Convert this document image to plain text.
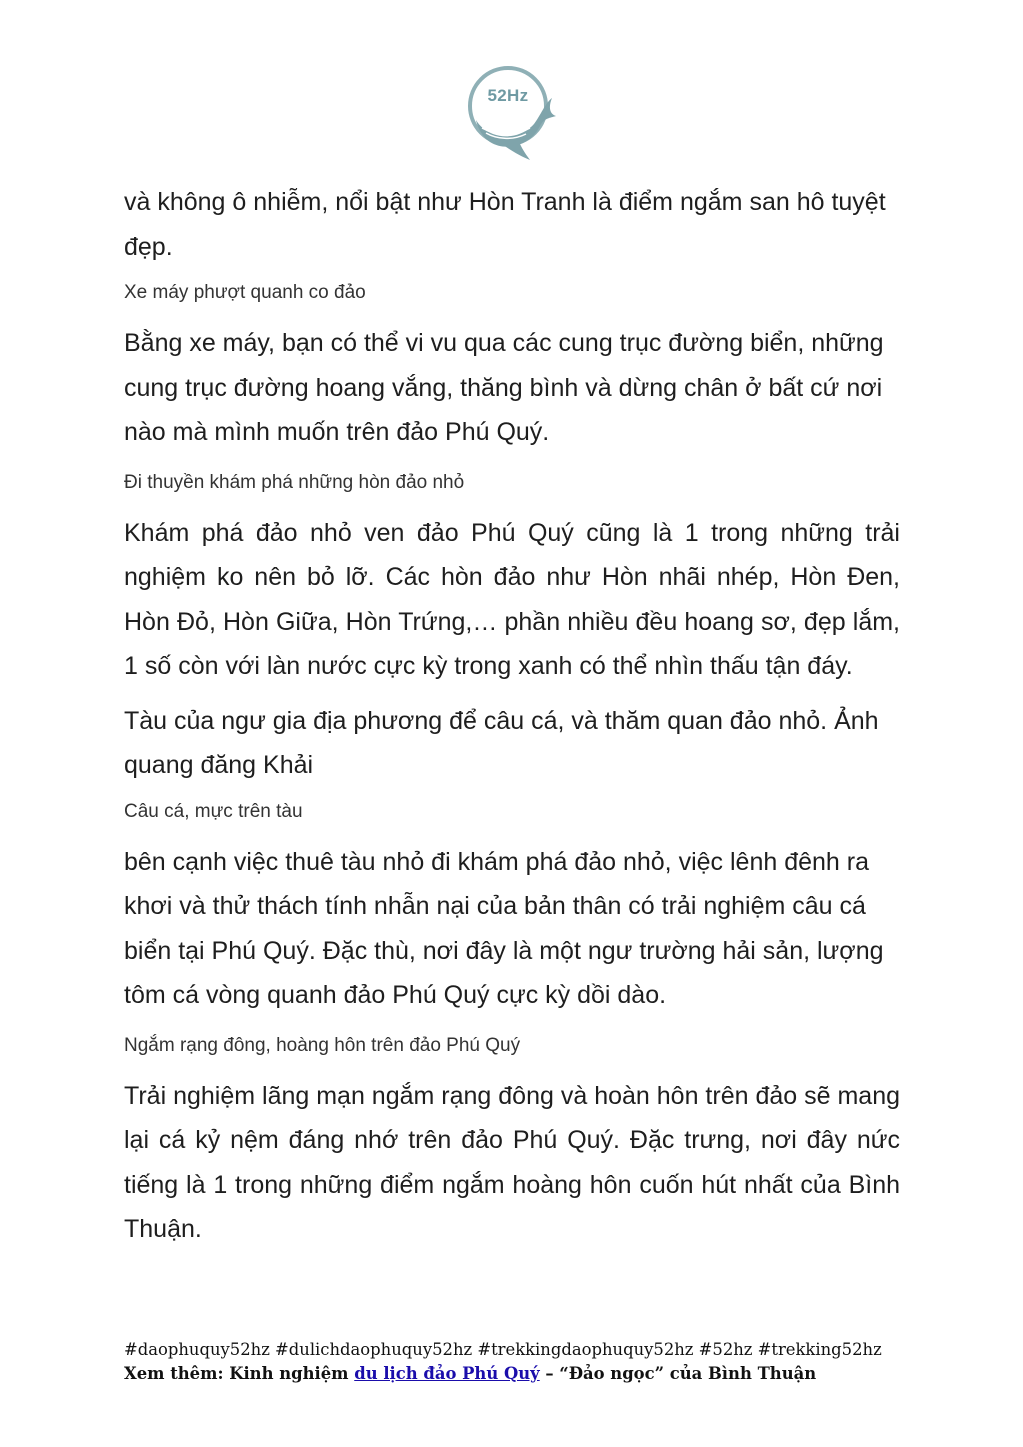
52Hz

và không ô nhiễm, nổi bật như Hòn Tranh là điểm ngắm san hô tuyệt đẹp.

Xe máy phượt quanh co đảo

Bằng xe máy, bạn có thể vi vu qua các cung trục đường biển, những cung trục đường hoang vắng, thăng bình và dừng chân ở bất cứ nơi nào mà mình muốn trên đảo Phú Quý.

Đi thuyền khám phá những hòn đảo nhỏ

Khám phá đảo nhỏ ven đảo Phú Quý cũng là 1 trong những trải nghiệm ko nên bỏ lỡ. Các hòn đảo như Hòn nhãi nhép, Hòn Đen, Hòn Đỏ, Hòn Giữa, Hòn Trứng,… phần nhiều đều hoang sơ, đẹp lắm, 1 số còn với làn nước cực kỳ trong xanh có thể nhìn thấu tận đáy.

Tàu của ngư gia địa phương để câu cá, và thăm quan đảo nhỏ. Ảnh quang đăng Khải

Câu cá, mực trên tàu

bên cạnh việc thuê tàu nhỏ đi khám phá đảo nhỏ, việc lênh đênh ra khơi và thử thách tính nhẫn nại của bản thân có trải nghiệm câu cá biển tại Phú Quý. Đặc thù, nơi đây là một ngư trường hải sản, lượng tôm cá vòng quanh đảo Phú Quý cực kỳ dồi dào.

Ngắm rạng đông, hoàng hôn trên đảo Phú Quý

Trải nghiệm lãng mạn ngắm rạng đông và hoàn hôn trên đảo sẽ mang lại cá kỷ nệm đáng nhớ trên đảo Phú Quý. Đặc trưng, nơi đây nức tiếng là 1 trong những điểm ngắm hoàng hôn cuốn hút nhất của Bình Thuận.

#daophuquy52hz #dulichdaophuquy52hz #trekkingdaophuquy52hz #52hz #trekking52hz
Xem thêm: Kinh nghiệm du lịch đảo Phú Quý – “Đảo ngọc” của Bình Thuận
